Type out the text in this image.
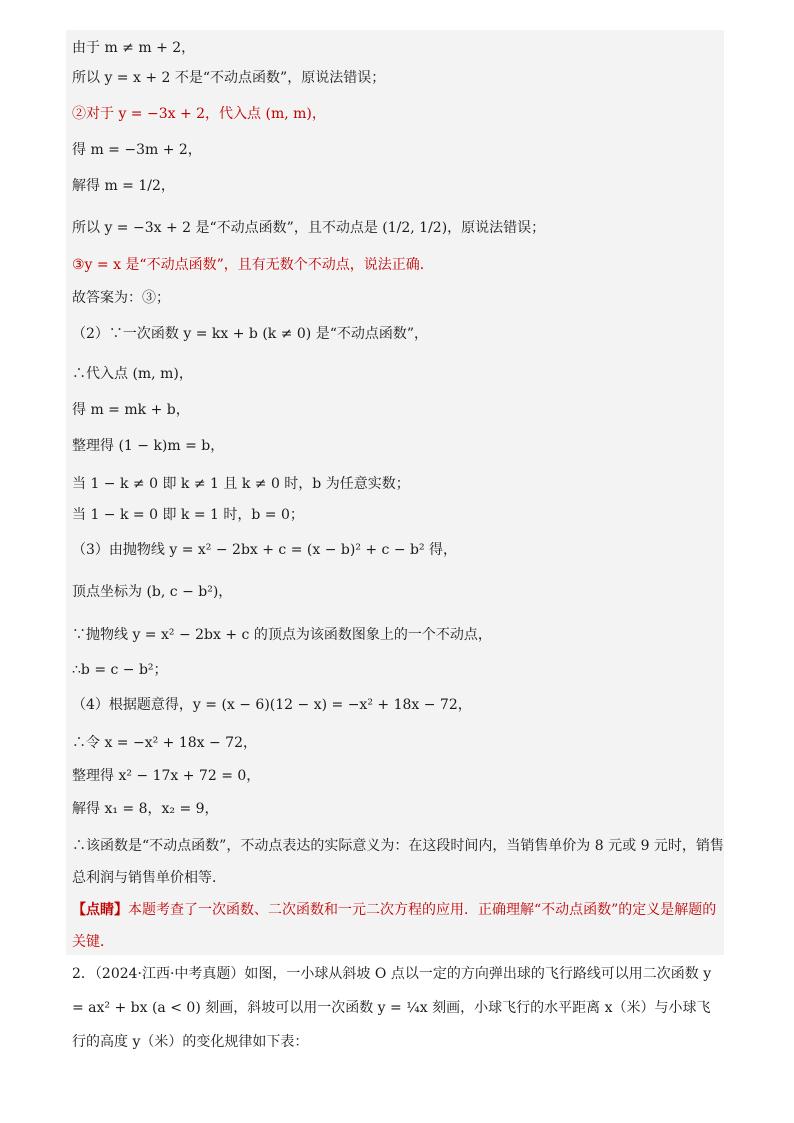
由于 m ≠ m + 2，
所以 y = x + 2 不是“不动点函数”，原说法错误；
②对于 y = −3x + 2，代入点 (m, m)，
得 m = −3m + 2，
解得 m = 1/2，
所以 y = −3x + 2 是“不动点函数”，且不动点是 (1/2, 1/2)，原说法错误；
③y = x 是“不动点函数”，且有无数个不动点，说法正确．
故答案为：③；
（2）∵一次函数 y = kx + b (k ≠ 0) 是“不动点函数”，
∴代入点 (m, m)，
得 m = mk + b，
整理得 (1 − k)m = b，
当 1 − k ≠ 0 即 k ≠ 1 且 k ≠ 0 时，b 为任意实数；
当 1 − k = 0 即 k = 1 时，b = 0；
（3）由抛物线 y = x² − 2bx + c = (x − b)² + c − b² 得，
顶点坐标为 (b, c − b²)，
∵抛物线 y = x² − 2bx + c 的顶点为该函数图象上的一个不动点，
∴b = c − b²；
（4）根据题意得，y = (x − 6)(12 − x) = −x² + 18x − 72，
∴令 x = −x² + 18x − 72，
整理得 x² − 17x + 72 = 0，
解得 x₁ = 8，x₂ = 9，
∴该函数是“不动点函数”，不动点表达的实际意义为：在这段时间内，当销售单价为 8 元或 9 元时，销售总利润与销售单价相等．
【点睛】本题考查了一次函数、二次函数和一元二次方程的应用．正确理解“不动点函数”的定义是解题的关键．
2．（2024·江西·中考真题）如图，一小球从斜坡 O 点以一定的方向弹出球的飞行路线可以用二次函数 y = ax² + bx (a < 0) 刻画，斜坡可以用一次函数 y = ¼x 刻画，小球飞行的水平距离 x（米）与小球飞行的高度 y（米）的变化规律如下表：
